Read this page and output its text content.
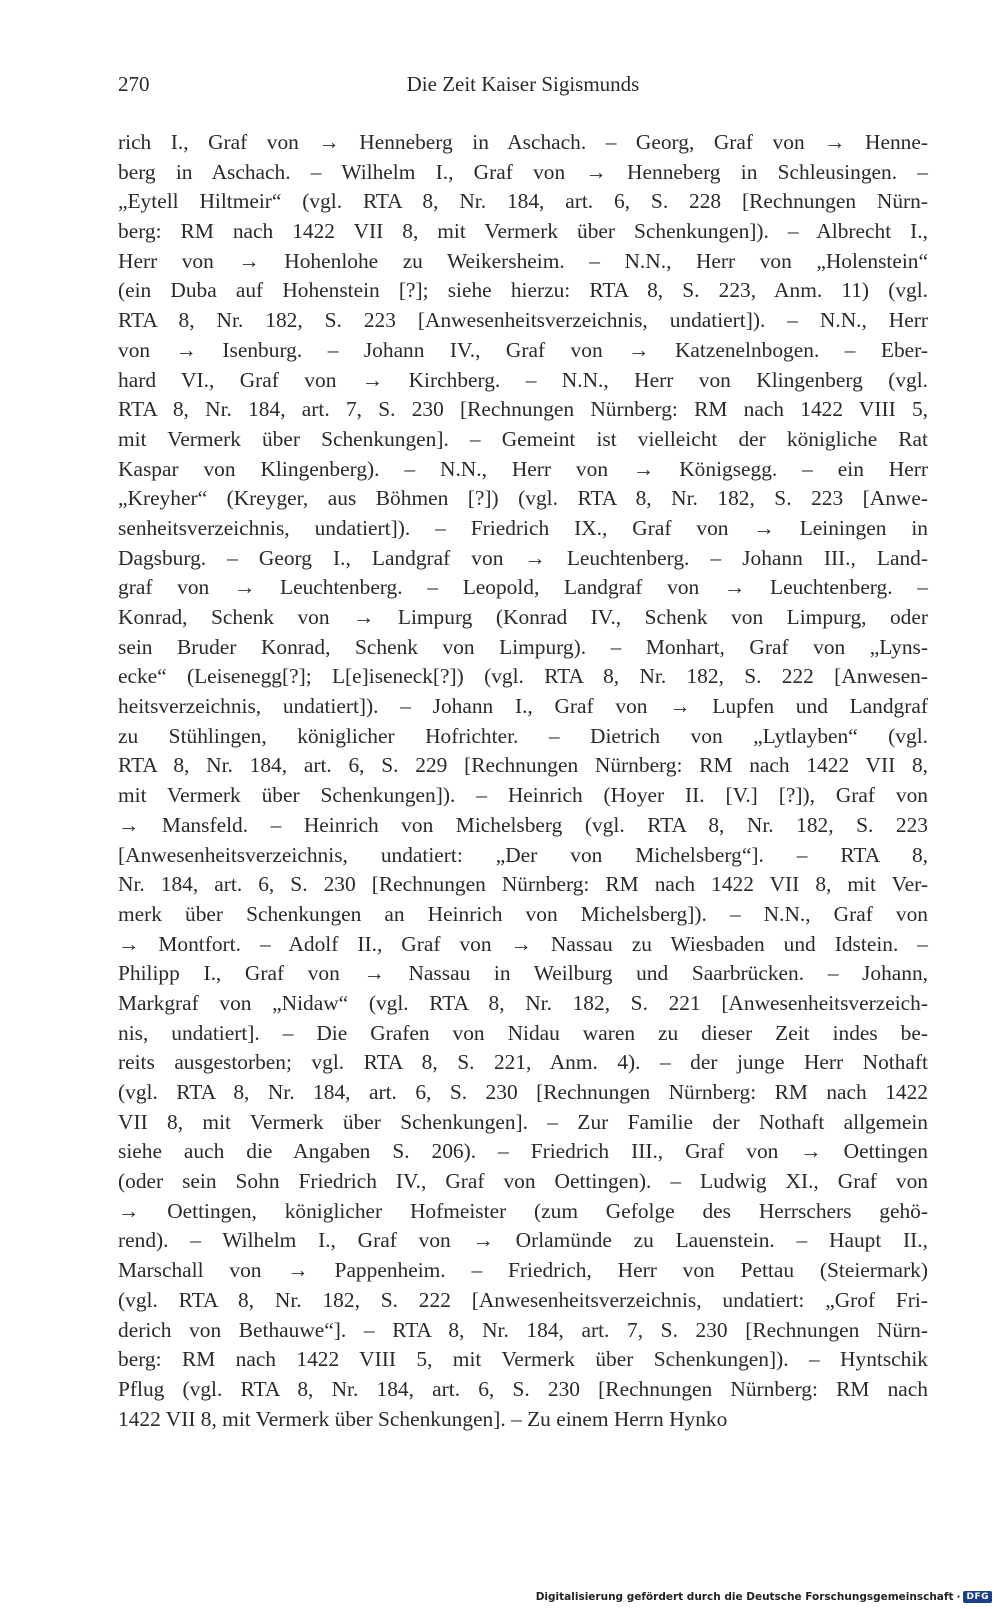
270	Die Zeit Kaiser Sigismunds
rich I., Graf von → Henneberg in Aschach. – Georg, Graf von → Henne-
berg in Aschach. – Wilhelm I., Graf von → Henneberg in Schleusingen. –
„Eytell Hiltmeir“ (vgl. RTA 8, Nr. 184, art. 6, S. 228 [Rechnungen Nürn-
berg: RM nach 1422 VII 8, mit Vermerk über Schenkungen]). – Albrecht I.,
Herr von → Hohenlohe zu Weikersheim. – N.N., Herr von „Holenstein“
(ein Duba auf Hohenstein [?]; siehe hierzu: RTA 8, S. 223, Anm. 11) (vgl.
RTA 8, Nr. 182, S. 223 [Anwesenheitsverzeichnis, undatiert]). – N.N., Herr
von → Isenburg. – Johann IV., Graf von → Katzenelnbogen. – Eber-
hard VI., Graf von → Kirchberg. – N.N., Herr von Klingenberg (vgl.
RTA 8, Nr. 184, art. 7, S. 230 [Rechnungen Nürnberg: RM nach 1422 VIII 5,
mit Vermerk über Schenkungen]. – Gemeint ist vielleicht der königliche Rat
Kaspar von Klingenberg). – N.N., Herr von → Königsegg. – ein Herr
„Kreyher“ (Kreyger, aus Böhmen [?]) (vgl. RTA 8, Nr. 182, S. 223 [Anwe-
senheitsverzeichnis, undatiert]). – Friedrich IX., Graf von → Leiningen in
Dagsburg. – Georg I., Landgraf von → Leuchtenberg. – Johann III., Land-
graf von → Leuchtenberg. – Leopold, Landgraf von → Leuchtenberg. –
Konrad, Schenk von → Limpurg (Konrad IV., Schenk von Limpurg, oder
sein Bruder Konrad, Schenk von Limpurg). – Monhart, Graf von „Lyns-
ecke“ (Leisenegg[?]; L[e]iseneck[?]) (vgl. RTA 8, Nr. 182, S. 222 [Anwesen-
heitsverzeichnis, undatiert]). – Johann I., Graf von → Lupfen und Landgraf
zu Stühlingen, königlicher Hofrichter. – Dietrich von „Lytlayben“ (vgl.
RTA 8, Nr. 184, art. 6, S. 229 [Rechnungen Nürnberg: RM nach 1422 VII 8,
mit Vermerk über Schenkungen]). – Heinrich (Hoyer II. [V.] [?]), Graf von
→ Mansfeld. – Heinrich von Michelsberg (vgl. RTA 8, Nr. 182, S. 223
[Anwesenheitsverzeichnis, undatiert: „Der von Michelsberg“]. – RTA 8,
Nr. 184, art. 6, S. 230 [Rechnungen Nürnberg: RM nach 1422 VII 8, mit Ver-
merk über Schenkungen an Heinrich von Michelsberg]). – N.N., Graf von
→ Montfort. – Adolf II., Graf von → Nassau zu Wiesbaden und Idstein. –
Philipp I., Graf von → Nassau in Weilburg und Saarbrücken. – Johann,
Markgraf von „Nidaw“ (vgl. RTA 8, Nr. 182, S. 221 [Anwesenheitsverzeich-
nis, undatiert]. – Die Grafen von Nidau waren zu dieser Zeit indes be-
reits ausgestorben; vgl. RTA 8, S. 221, Anm. 4). – der junge Herr Nothaft
(vgl. RTA 8, Nr. 184, art. 6, S. 230 [Rechnungen Nürnberg: RM nach 1422
VII 8, mit Vermerk über Schenkungen]. – Zur Familie der Nothaft allgemein
siehe auch die Angaben S. 206). – Friedrich III., Graf von → Oettingen
(oder sein Sohn Friedrich IV., Graf von Oettingen). – Ludwig XI., Graf von
→ Oettingen, königlicher Hofmeister (zum Gefolge des Herrschers gehö-
rend). – Wilhelm I., Graf von → Orlamünde zu Lauenstein. – Haupt II.,
Marschall von → Pappenheim. – Friedrich, Herr von Pettau (Steiermark)
(vgl. RTA 8, Nr. 182, S. 222 [Anwesenheitsverzeichnis, undatiert: „Grof Fri-
derich von Bethauwe“]. – RTA 8, Nr. 184, art. 7, S. 230 [Rechnungen Nürn-
berg: RM nach 1422 VIII 5, mit Vermerk über Schenkungen]). – Hyntschik
Pflug (vgl. RTA 8, Nr. 184, art. 6, S. 230 [Rechnungen Nürnberg: RM nach
1422 VII 8, mit Vermerk über Schenkungen]. – Zu einem Herrn Hynko
Digitalisierung gefördert durch die Deutsche Forschungsgemeinschaft · DFG
